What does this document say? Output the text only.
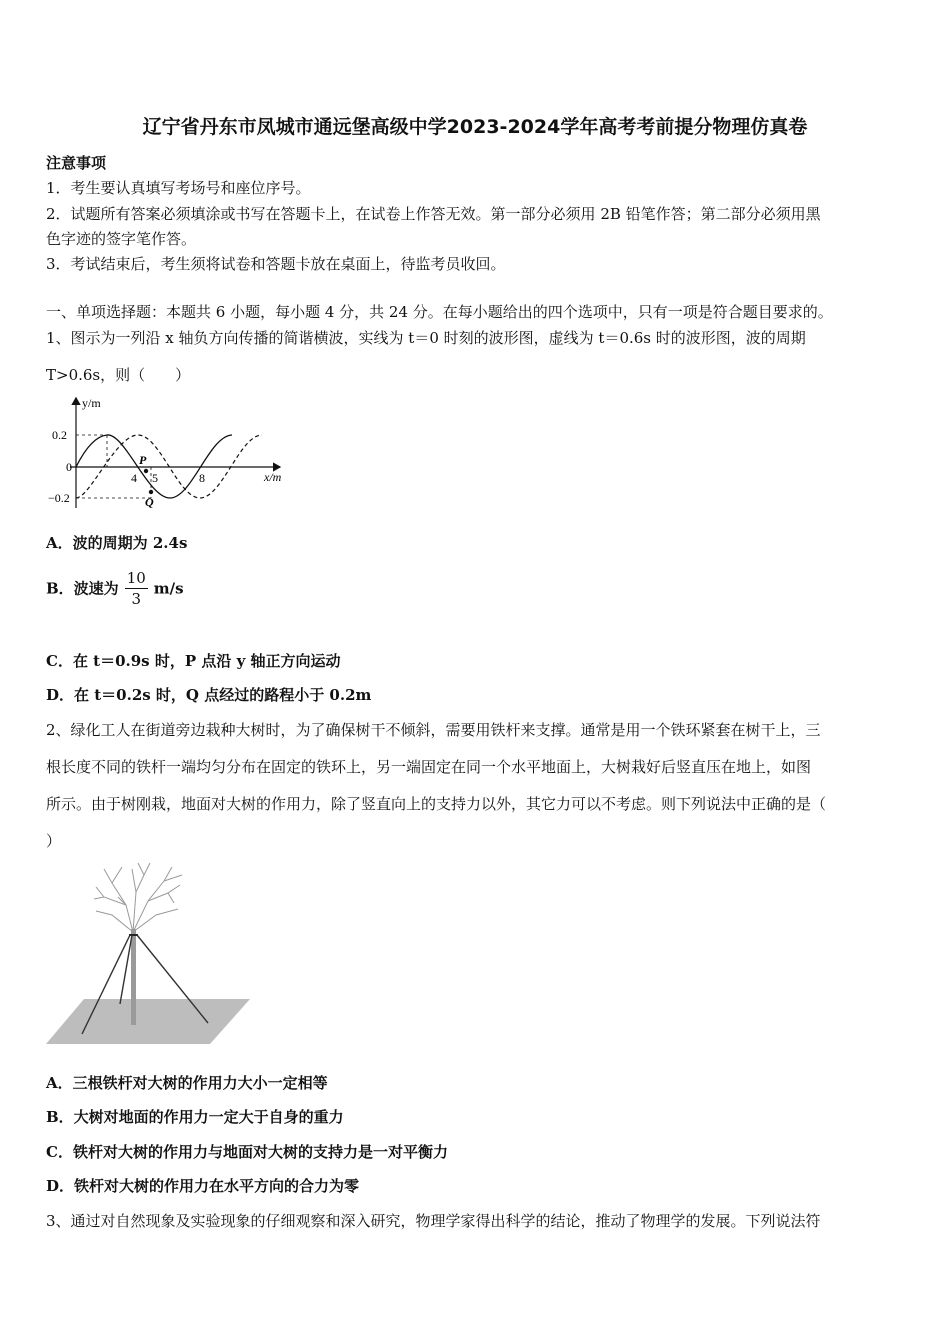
辽宁省丹东市凤城市通远堡高级中学2023-2024学年高考考前提分物理仿真卷
注意事项
1．考生要认真填写考场号和座位序号。
2．试题所有答案必须填涂或书写在答题卡上，在试卷上作答无效。第一部分必须用 2B 铅笔作答；第二部分必须用黑
色字迹的签字笔作答。
3．考试结束后，考生须将试卷和答题卡放在桌面上，待监考员收回。
一、单项选择题：本题共 6 小题，每小题 4 分，共 24 分。在每小题给出的四个选项中，只有一项是符合题目要求的。
1、图示为一列沿 x 轴负方向传播的简谐横波，实线为 t＝0 时刻的波形图，虚线为 t＝0.6s 时的波形图，波的周期
T>0.6s，则（　　）
y/m
x/m
0.2
0
−0.2
4 5	8
P
Q
A．波的周期为 2.4s
B．波速为 $\frac{10}{3} m/s$
C．在 t＝0.9s 时，P 点沿 y 轴正方向运动
D．在 t＝0.2s 时，Q 点经过的路程小于 0.2m
2、绿化工人在街道旁边栽种大树时，为了确保树干不倾斜，需要用铁杆来支撑。通常是用一个铁环紧套在树干上，三
根长度不同的铁杆一端均匀分布在固定的铁环上，另一端固定在同一个水平地面上，大树栽好后竖直压在地上，如图
所示。由于树刚栽，地面对大树的作用力，除了竖直向上的支持力以外，其它力可以不考虑。则下列说法中正确的是（
）
A．三根铁杆对大树的作用力大小一定相等
B．大树对地面的作用力一定大于自身的重力
C．铁杆对大树的作用力与地面对大树的支持力是一对平衡力
D．铁杆对大树的作用力在水平方向的合力为零
3、通过对自然现象及实验现象的仔细观察和深入研究，物理学家得出科学的结论，推动了物理学的发展。下列说法符
